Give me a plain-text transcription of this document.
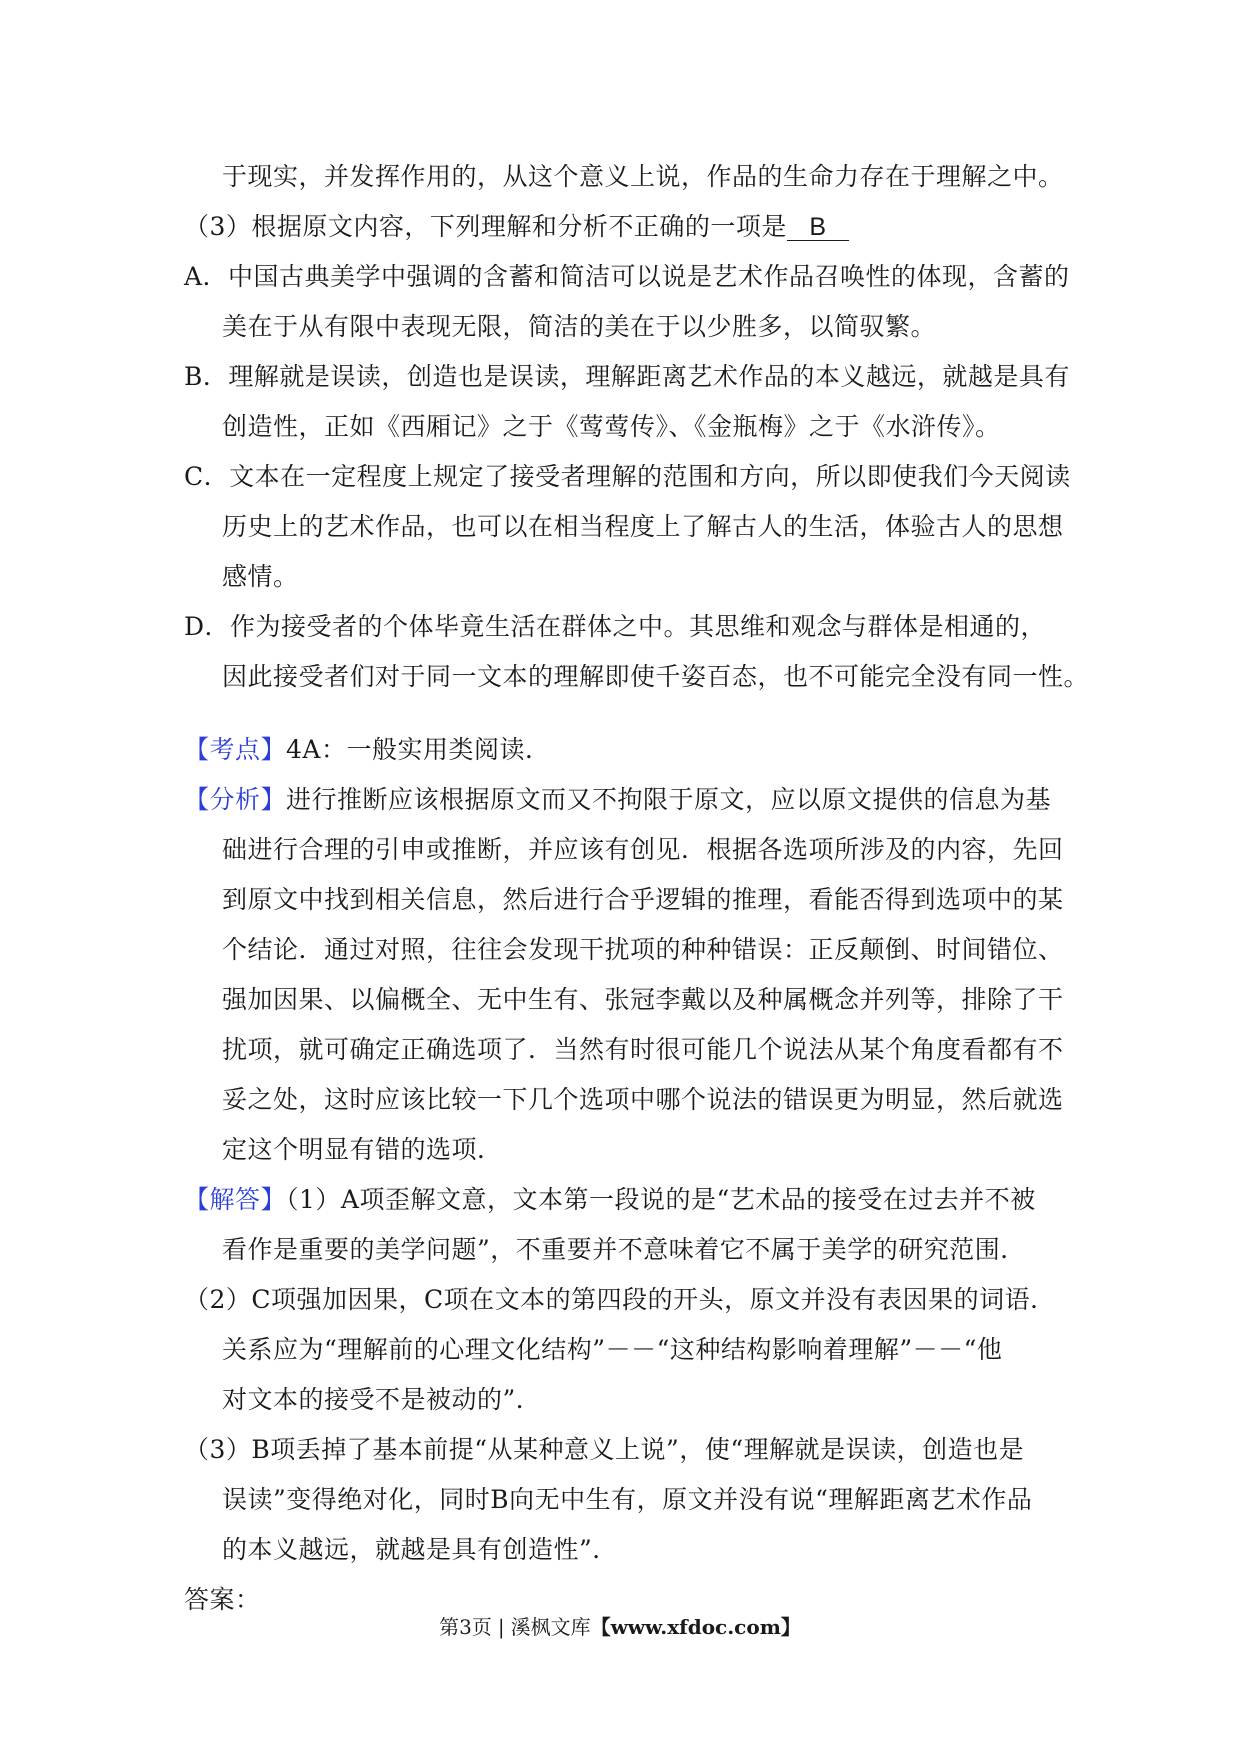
于现实，并发挥作用的，从这个意义上说，作品的生命力存在于理解之中。
（3）根据原文内容，下列理解和分析不正确的一项是 B
A．中国古典美学中强调的含蓄和简洁可以说是艺术作品召唤性的体现，含蓄的
美在于从有限中表现无限，简洁的美在于以少胜多，以简驭繁。
B．理解就是误读，创造也是误读，理解距离艺术作品的本义越远，就越是具有
创造性，正如《西厢记》之于《莺莺传》、《金瓶梅》之于《水浒传》。
C．文本在一定程度上规定了接受者理解的范围和方向，所以即使我们今天阅读
历史上的艺术作品，也可以在相当程度上了解古人的生活，体验古人的思想
感情。
D．作为接受者的个体毕竟生活在群体之中。其思维和观念与群体是相通的，
因此接受者们对于同一文本的理解即使千姿百态，也不可能完全没有同一性。
【考点】4A：一般实用类阅读．
【分析】进行推断应该根据原文而又不拘限于原文，应以原文提供的信息为基
础进行合理的引申或推断，并应该有创见．根据各选项所涉及的内容，先回
到原文中找到相关信息，然后进行合乎逻辑的推理，看能否得到选项中的某
个结论．通过对照，往往会发现干扰项的种种错误：正反颠倒、时间错位、
强加因果、以偏概全、无中生有、张冠李戴以及种属概念并列等，排除了干
扰项，就可确定正确选项了．当然有时很可能几个说法从某个角度看都有不
妥之处，这时应该比较一下几个选项中哪个说法的错误更为明显，然后就选
定这个明显有错的选项．
【解答】（1）A项歪解文意，文本第一段说的是“艺术品的接受在过去并不被
看作是重要的美学问题”，不重要并不意味着它不属于美学的研究范围．
（2）C项强加因果，C项在文本的第四段的开头，原文并没有表因果的词语．
关系应为“理解前的心理文化结构”－－“这种结构影响着理解”－－“他
对文本的接受不是被动的”．
（3）B项丢掉了基本前提“从某种意义上说”，使“理解就是误读，创造也是
误读”变得绝对化，同时B向无中生有，原文并没有说“理解距离艺术作品
的本义越远，就越是具有创造性”．
答案：
第3页 | 溪枫文库【www.xfdoc.com】
